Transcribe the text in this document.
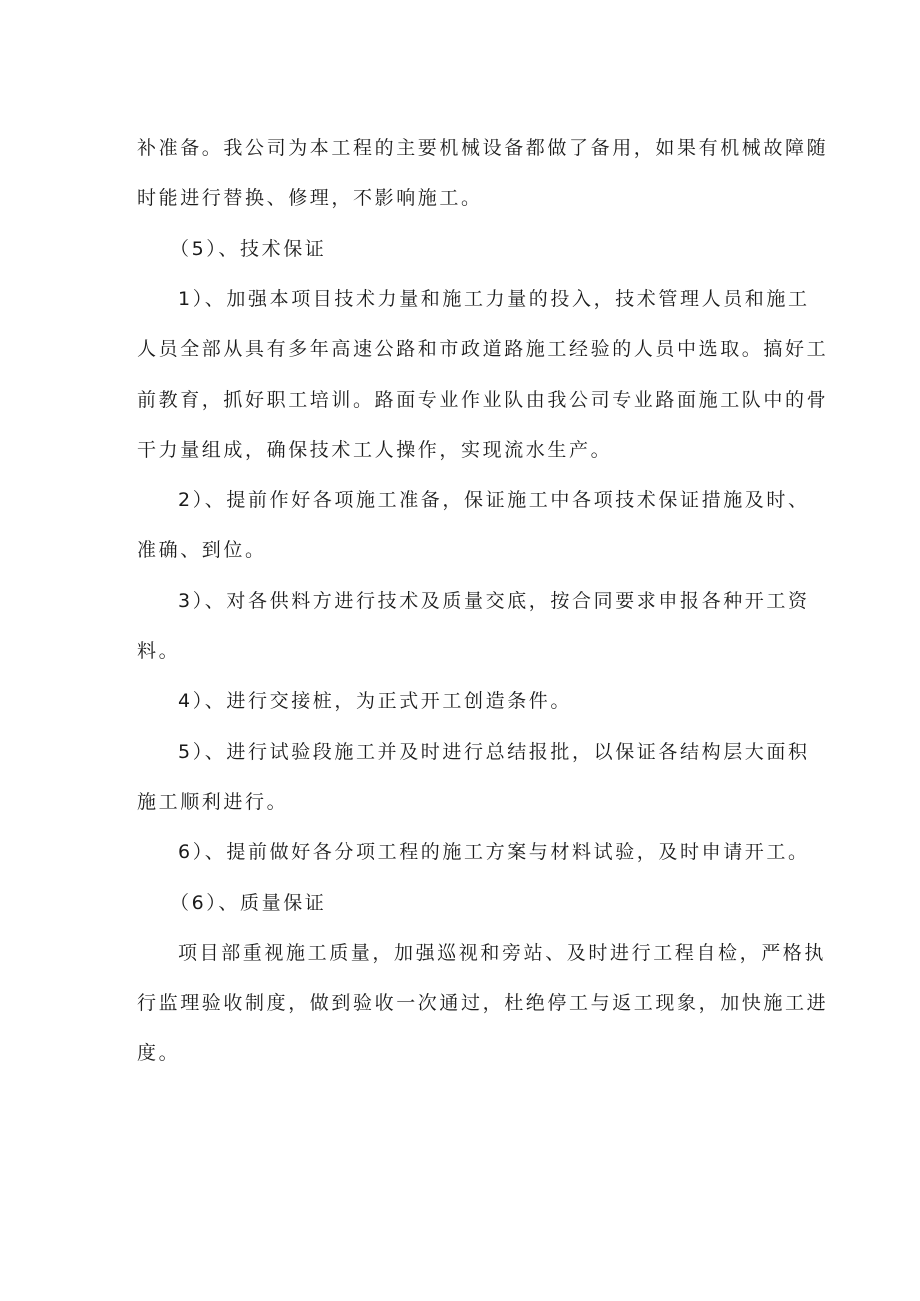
补准备。我公司为本工程的主要机械设备都做了备用，如果有机械故障随
时能进行替换、修理，不影响施工。
（5）、技术保证
1）、加强本项目技术力量和施工力量的投入，技术管理人员和施工
人员全部从具有多年高速公路和市政道路施工经验的人员中选取。搞好工
前教育，抓好职工培训。路面专业作业队由我公司专业路面施工队中的骨
干力量组成，确保技术工人操作，实现流水生产。
2）、提前作好各项施工准备，保证施工中各项技术保证措施及时、
准确、到位。
3）、对各供料方进行技术及质量交底，按合同要求申报各种开工资
料。
4）、进行交接桩，为正式开工创造条件。
5）、进行试验段施工并及时进行总结报批，以保证各结构层大面积
施工顺利进行。
6）、提前做好各分项工程的施工方案与材料试验，及时申请开工。
（6）、质量保证
项目部重视施工质量，加强巡视和旁站、及时进行工程自检，严格执
行监理验收制度，做到验收一次通过，杜绝停工与返工现象，加快施工进
度。
